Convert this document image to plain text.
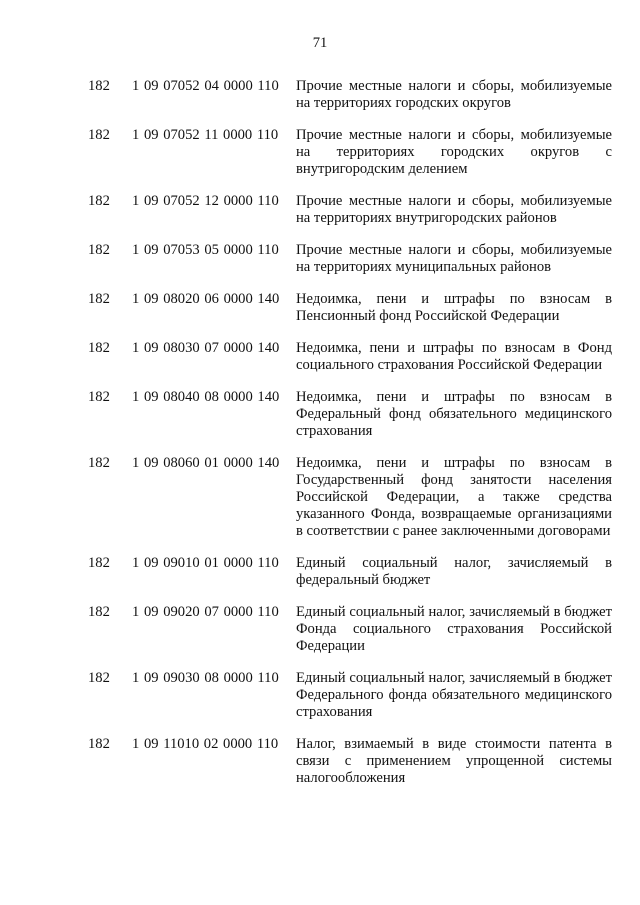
71
182	1 09 07052 04 0000 110	Прочие местные налоги и сборы, мобилизуемые на территориях городских округов
182	1 09 07052 11 0000 110	Прочие местные налоги и сборы, мобилизуемые на территориях городских округов с внутригородским делением
182	1 09 07052 12 0000 110	Прочие местные налоги и сборы, мобилизуемые на территориях внутригородских районов
182	1 09 07053 05 0000 110	Прочие местные налоги и сборы, мобилизуемые на территориях муниципальных районов
182	1 09 08020 06 0000 140	Недоимка, пени и штрафы по взносам в Пенсионный фонд Российской Федерации
182	1 09 08030 07 0000 140	Недоимка, пени и штрафы по взносам в Фонд социального страхования Российской Федерации
182	1 09 08040 08 0000 140	Недоимка, пени и штрафы по взносам в Федеральный фонд обязательного медицинского страхования
182	1 09 08060 01 0000 140	Недоимка, пени и штрафы по взносам в Государственный фонд занятости населения Российской Федерации, а также средства указанного Фонда, возвращаемые организациями в соответствии с ранее заключенными договорами
182	1 09 09010 01 0000 110	Единый социальный налог, зачисляемый в федеральный бюджет
182	1 09 09020 07 0000 110	Единый социальный налог, зачисляемый в бюджет Фонда социального страхования Российской Федерации
182	1 09 09030 08 0000 110	Единый социальный налог, зачисляемый в бюджет Федерального фонда обязательного медицинского страхования
182	1 09 11010 02 0000 110	Налог, взимаемый в виде стоимости патента в связи с применением упрощенной системы налогообложения
